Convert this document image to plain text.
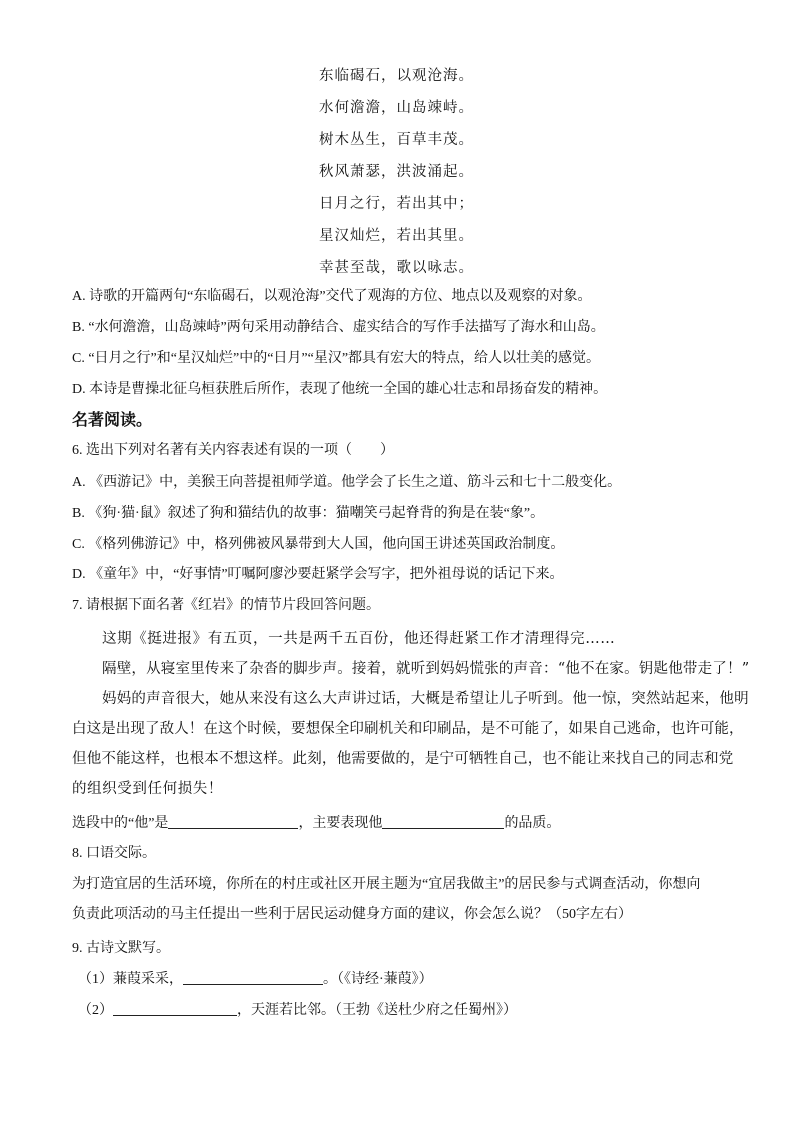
东临碣石，以观沧海。
水何澹澹，山岛竦峙。
树木丛生，百草丰茂。
秋风萧瑟，洪波涌起。
日月之行，若出其中；
星汉灿烂，若出其里。
幸甚至哉，歌以咏志。
A. 诗歌的开篇两句“东临碣石，以观沧海”交代了观海的方位、地点以及观察的对象。
B. “水何澹澹，山岛竦峙”两句采用动静结合、虚实结合的写作手法描写了海水和山岛。
C. “日月之行”和“星汉灿烂”中的“日月”“星汉”都具有宏大的特点，给人以壮美的感觉。
D. 本诗是曹操北征乌桓获胜后所作，表现了他统一全国的雄心壮志和昂扬奋发的精神。
名著阅读。
6. 选出下列对名著有关内容表述有误的一项（　　）
A. 《西游记》中，美猴王向菩提祖师学道。他学会了长生之道、筋斗云和七十二般变化。
B. 《狗·猫·鼠》叙述了狗和猫结仇的故事：猫嘲笑弓起脊背的狗是在装“象”。
C. 《格列佛游记》中，格列佛被风暴带到大人国，他向国王讲述英国政治制度。
D. 《童年》中，“好事情”叮嘱阿廖沙要赶紧学会写字，把外祖母说的话记下来。
7. 请根据下面名著《红岩》的情节片段回答问题。
这期《挺进报》有五页，一共是两千五百份，他还得赶紧工作才清理得完……
隔壁，从寝室里传来了杂沓的脚步声。接着，就听到妈妈慌张的声音：“他不在家。钥匙他带走了！”
妈妈的声音很大，她从来没有这么大声讲过话，大概是希望让儿子听到。他一惊，突然站起来，他明
白这是出现了敌人！在这个时候，要想保全印刷机关和印刷品，是不可能了，如果自己逃命，也许可能，
但他不能这样，也根本不想这样。此刻，他需要做的，是宁可牺牲自己，也不能让来找自己的同志和党
的组织受到任何损失！
选段中的“他”是	，主要表现他	的品质。
8. 口语交际。
为打造宜居的生活环境，你所在的村庄或社区开展主题为“宜居我做主”的居民参与式调查活动，你想向
负责此项活动的马主任提出一些利于居民运动健身方面的建议，你会怎么说？（50字左右）
9. 古诗文默写。
（1）蒹葭采采，	。（《诗经·蒹葭》）
（2）	，天涯若比邻。（王勃《送杜少府之任蜀州》）
